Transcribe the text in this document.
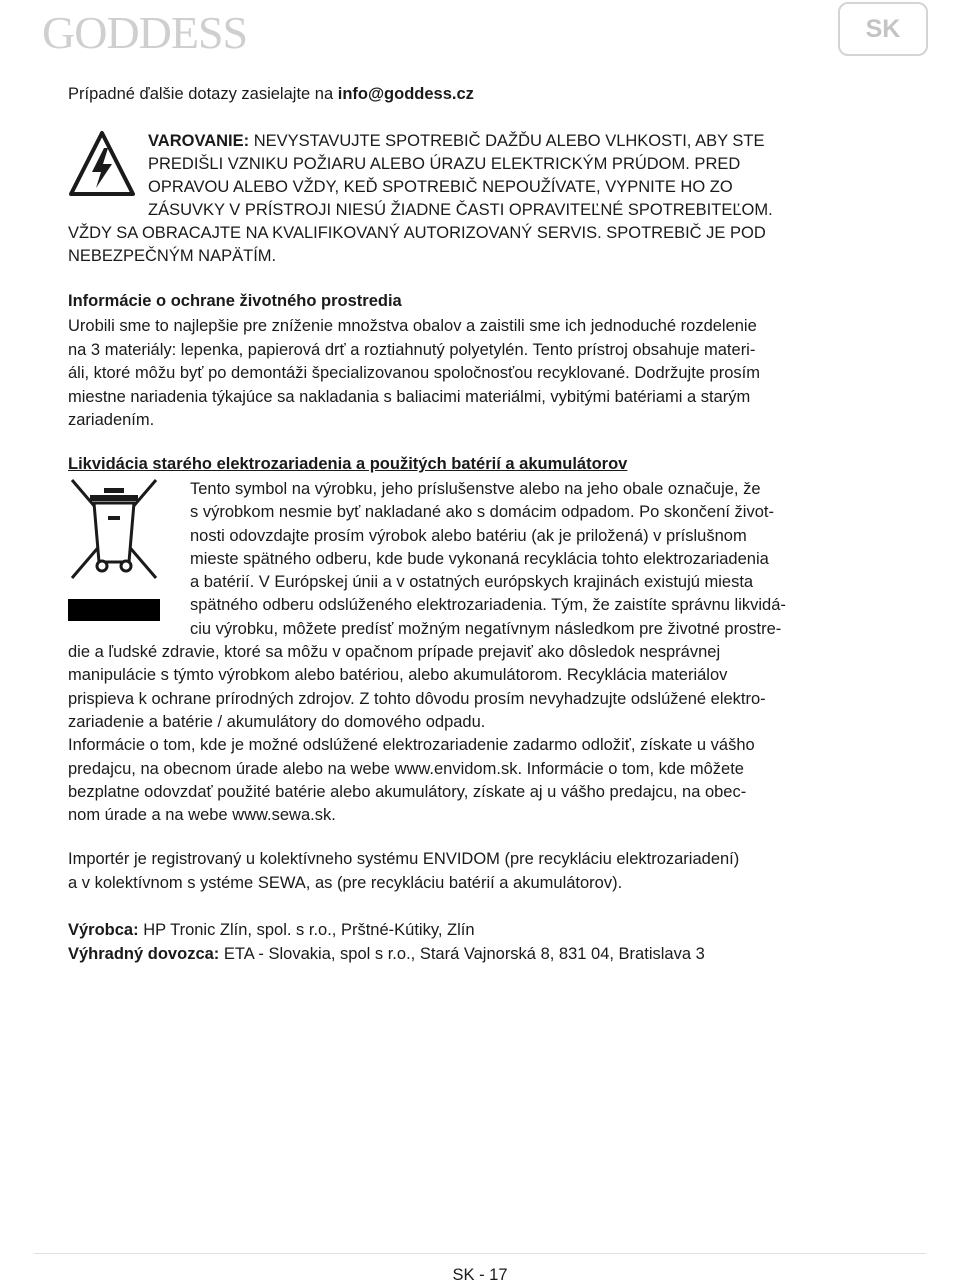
GODDESS	SK
Prípadné ďalšie dotazy zasielajte na info@goddess.cz
VAROVANIE: NEVYSTAVUJTE SPOTREBIČ DAŽĎU ALEBO VLHKOSTI, ABY STE
PREDIŠLI VZNIKU POŽIARU ALEBO ÚRAZU ELEKTRICKÝM PRÚDOM. PRED
OPRAVOU ALEBO VŽDY, KEĎ SPOTREBIČ NEPOUŽÍVATE, VYPNITE HO ZO
ZÁSUVKY V PRÍSTROJI NIESÚ ŽIADNE ČASTI OPRAVITEĽNÉ SPOTREBITEĽOM.
VŽDY SA OBRACAJTE NA KVALIFIKOVANÝ AUTORIZOVANÝ SERVIS. SPOTREBIČ JE POD
NEBEZPEČNÝM NAPÄTÍM.
Informácie o ochrane životného prostredia
Urobili sme to najlepšie pre zníženie množstva obalov a zaistili sme ich jednoduché rozdelenie
na 3 materiály: lepenka, papierová drť a roztiahnutý polyetylén. Tento prístroj obsahuje materi-
áli, ktoré môžu byť po demontáži špecializovanou spoločnosťou recyklované. Dodržujte prosím
miestne nariadenia týkajúce sa nakladania s baliacimi materiálmi, vybitými batériami a starým
zariadením.
Likvidácia starého elektrozariadenia a použitých batérií a akumulátorov
Tento symbol na výrobku, jeho príslušenstve alebo na jeho obale označuje, že
s výrobkom nesmie byť nakladané ako s domácim odpadom. Po skončení život-
nosti odovzdajte prosím výrobok alebo batériu (ak je priložená) v príslušnom
mieste spätného odberu, kde bude vykonaná recyklácia tohto elektrozariadenia
a batérií. V Európskej únii a v ostatných európskych krajinách existujú miesta
spätného odberu odslúženého elektrozariadenia. Tým, že zaistíte správnu likvidá-
ciu výrobku, môžete predísť možným negatívnym následkom pre životné prostre-
die a ľudské zdravie, ktoré sa môžu v opačnom prípade prejaviť ako dôsledok nesprávnej
manipulácie s týmto výrobkom alebo batériou, alebo akumulátorom. Recyklácia materiálov
prispieva k ochrane prírodných zdrojov. Z tohto dôvodu prosím nevyhadzujte odslúžené elektro-
zariadenie a batérie / akumulátory do domového odpadu.
Informácie o tom, kde je možné odslúžené elektrozariadenie zadarmo odložiť, získate u vášho
predajcu, na obecnom úrade alebo na webe www.envidom.sk. Informácie o tom, kde môžete
bezplatne odovzdať použité batérie alebo akumulátory, získate aj u vášho predajcu, na obec-
nom úrade a na webe www.sewa.sk.
Importér je registrovaný u kolektívneho systému ENVIDOM (pre recykláciu elektrozariadení)
a v kolektívnom s ystéme SEWA, as (pre recykláciu batérií a akumulátorov).
Výrobca: HP Tronic Zlín, spol. s r.o., Prštné-Kútiky, Zlín
Výhradný dovozca: ETA - Slovakia, spol s r.o., Stará Vajnorská 8, 831 04, Bratislava 3
SK - 17
